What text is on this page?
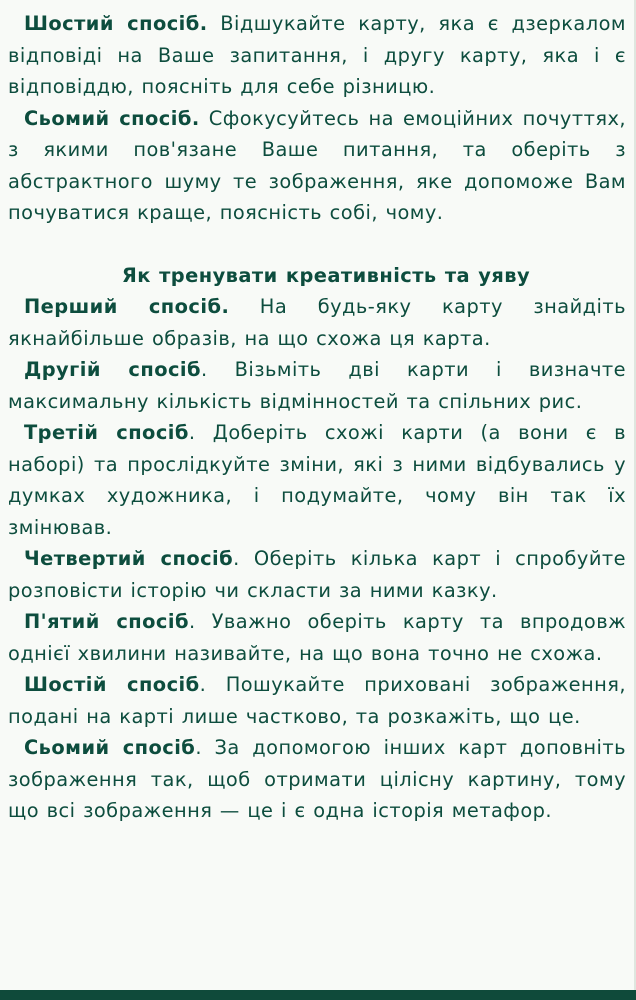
Шостий спосіб. Відшукайте карту, яка є дзеркалом відповіді на Ваше запитання, і другу карту, яка і є відповіддю, поясніть для себе різницю.

Сьомий спосіб. Сфокусуйтесь на емоційних почуттях, з якими пов'язане Ваше питання, та оберіть з абстрактного шуму те зображення, яке допоможе Вам почуватися краще, поясність собі, чому.

Як тренувати креативність та уяву

Перший спосіб. На будь-яку карту знайдіть якнайбільше образів, на що схожа ця карта.

Другій спосіб. Візьміть дві карти і визначте максимальну кількість відмінностей та спільних рис.

Третій спосіб. Доберіть схожі карти (а вони є в наборі) та прослідкуйте зміни, які з ними відбувались у думках художника, і подумайте, чому він так їх змінював.

Четвертий спосіб. Оберіть кілька карт і спробуйте розповісти історію чи скласти за ними казку.

П'ятий спосіб. Уважно оберіть карту та впродовж однієї хвилини називайте, на що вона точно не схожа.

Шостій спосіб. Пошукайте приховані зображення, подані на карті лише частково, та розкажіть, що це.

Сьомий спосіб. За допомогою інших карт доповніть зображення так, щоб отримати цілісну картину, тому що всі зображення — це і є одна історія метафор.
